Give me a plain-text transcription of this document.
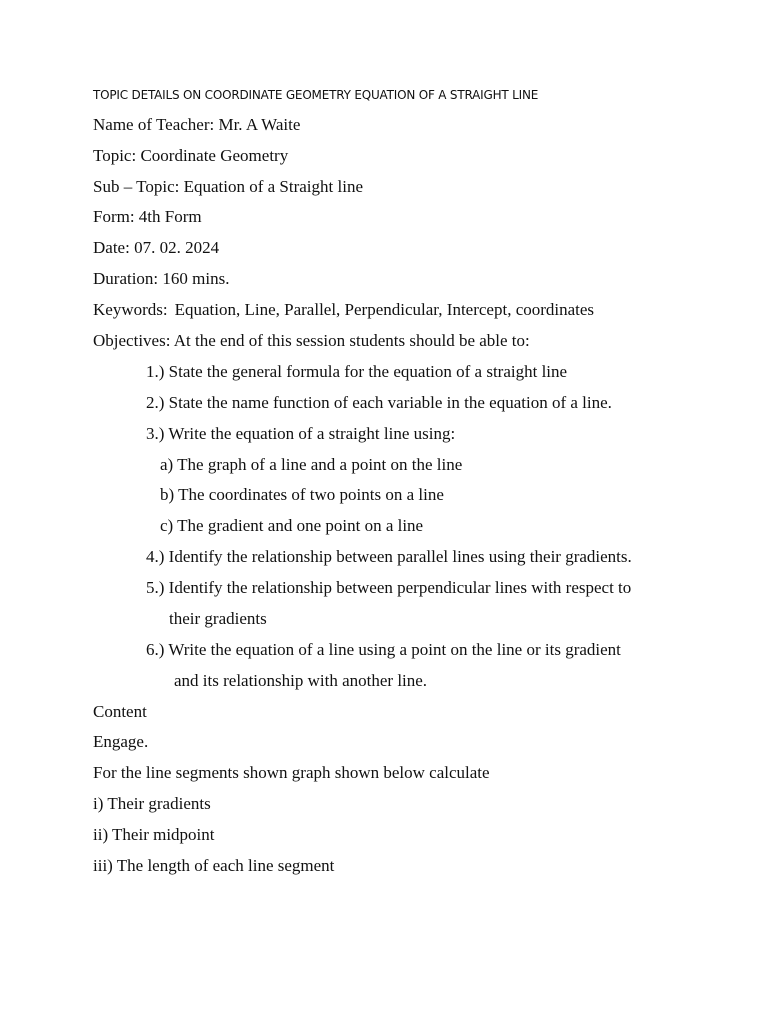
TOPIC DETAILS ON COORDINATE GEOMETRY EQUATION OF A STRAIGHT LINE
Name of Teacher: Mr. A Waite
Topic: Coordinate Geometry
Sub – Topic: Equation of a Straight line
Form: 4th Form
Date: 07. 02. 2024
Duration: 160 mins.
Keywords: Equation, Line, Parallel, Perpendicular, Intercept, coordinates
Objectives: At the end of this session students should be able to:
1.) State the general formula for the equation of a straight line
2.) State the name function of each variable in the equation of a line.
3.) Write the equation of a straight line using:
a) The graph of a line and a point on the line
b) The coordinates of two points on a line
c) The gradient and one point on a line
4.) Identify the relationship between parallel lines using their gradients.
5.) Identify the relationship between perpendicular lines with respect to
their gradients
6.) Write the equation of a line using a point on the line or its gradient
and its relationship with another line.
Content
Engage.
For the line segments shown graph shown below calculate
i) Their gradients
ii) Their midpoint
iii) The length of each line segment
